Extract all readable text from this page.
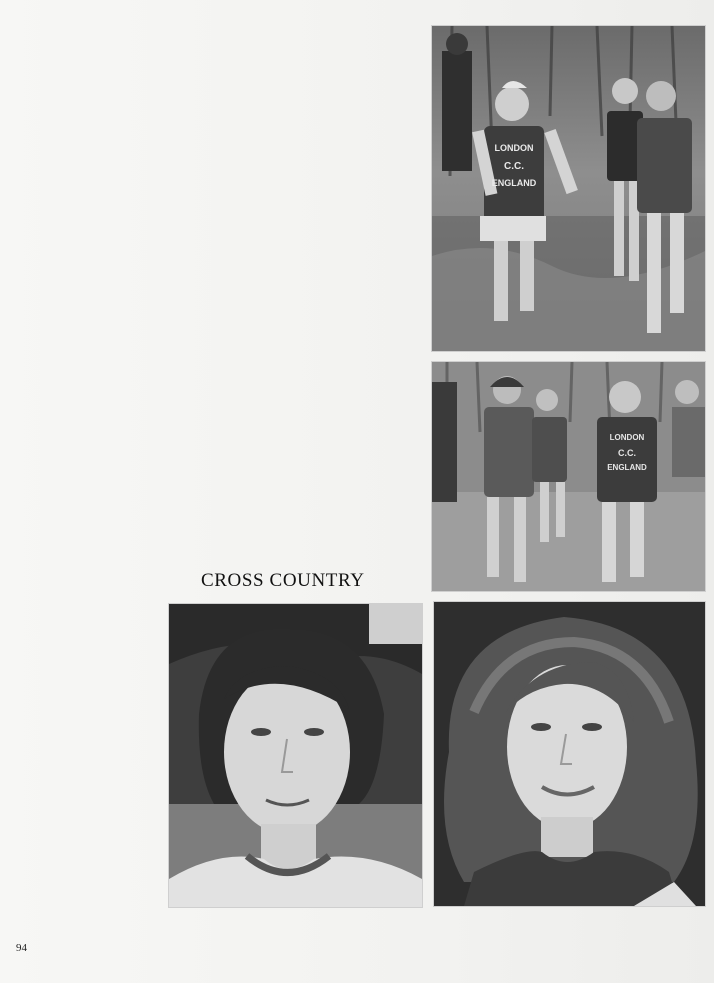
LONDON
C.C.
ENGLAND
LONDON
C.C.
ENGLAND
CROSS COUNTRY
94
